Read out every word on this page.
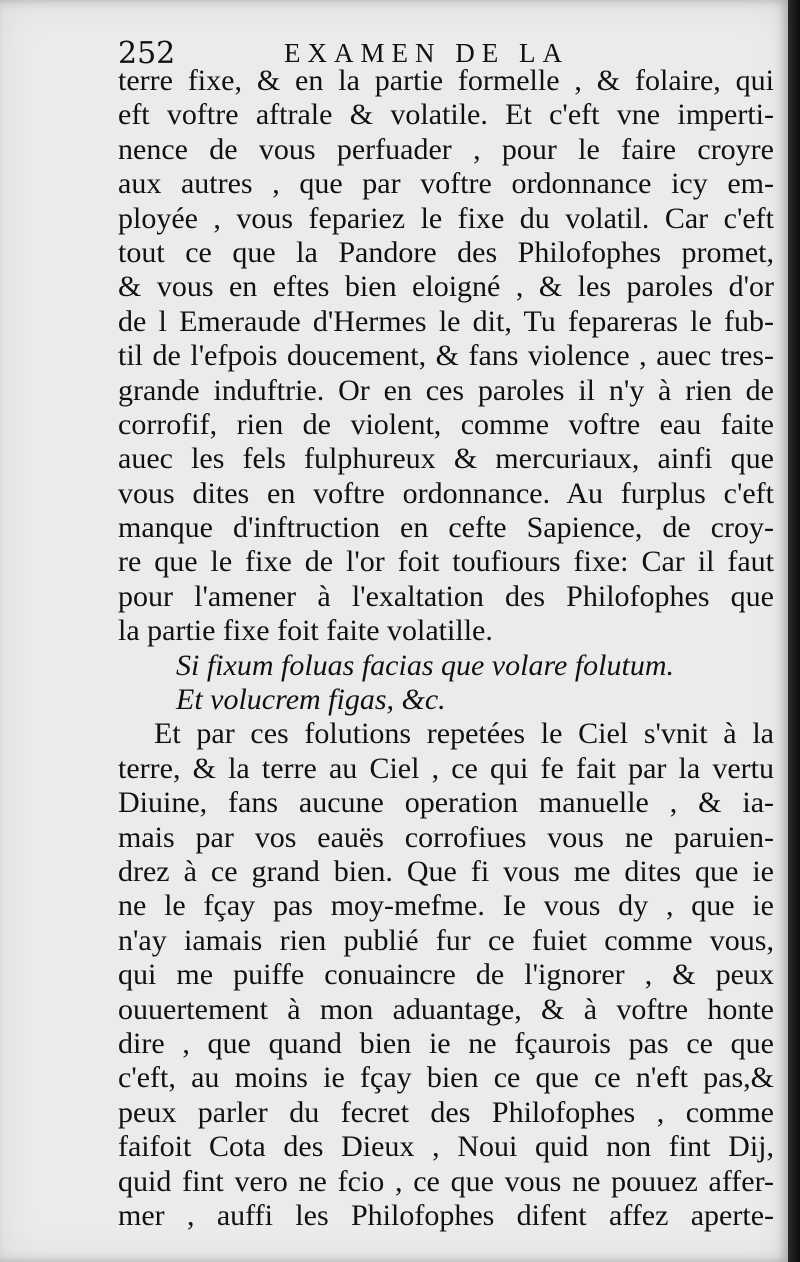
252	EXAMEN DE LA
terre fixe, & en la partie formelle , & folaire, qui
eft voftre aftrale & volatile. Et c'eft vne imperti-
nence de vous perfuader , pour le faire croyre
aux autres , que par voftre ordonnance icy em-
ployée , vous fepariez le fixe du volatil. Car c'eft
tout ce que la Pandore des Philofophes promet,
& vous en eftes bien eloigné , & les paroles d'or
de l Emeraude d'Hermes le dit, Tu fepareras le fub-
til de l'efpois doucement, & fans violence , auec tres-
grande induftrie. Or en ces paroles il n'y à rien de
corrofif, rien de violent, comme voftre eau faite
auec les fels fulphureux & mercuriaux, ainfi que
vous dites en voftre ordonnance. Au furplus c'eft
manque d'inftruction en cefte Sapience, de croy-
re que le fixe de l'or foit toufiours fixe: Car il faut
pour l'amener à l'exaltation des Philofophes que
la partie fixe foit faite volatille.
Si fixum foluas facias que volare folutum.
Et volucrem figas, &c.
Et par ces folutions repetées le Ciel s'vnit à la
terre, & la terre au Ciel , ce qui fe fait par la vertu
Diuine, fans aucune operation manuelle , & ia-
mais par vos eauës corrofiues vous ne paruien-
drez à ce grand bien. Que fi vous me dites que ie
ne le fçay pas moy-mefme. Ie vous dy , que ie
n'ay iamais rien publié fur ce fuiet comme vous,
qui me puiffe conuaincre de l'ignorer , & peux
ouuertement à mon aduantage, & à voftre honte
dire , que quand bien ie ne fçaurois pas ce que
c'eft, au moins ie fçay bien ce que ce n'eft pas,&
peux parler du fecret des Philofophes , comme
faifoit Cota des Dieux , Noui quid non fint Dij,
quid fint vero ne fcio , ce que vous ne pouuez affer-
mer , auffi les Philofophes difent affez aperte-
